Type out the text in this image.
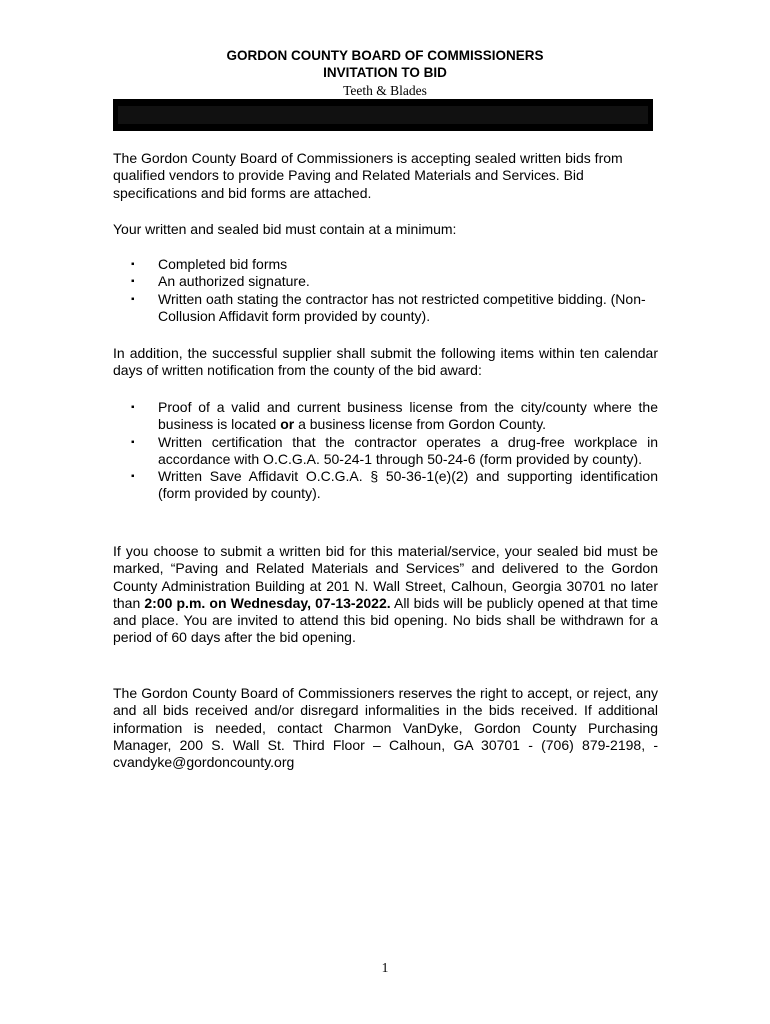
GORDON COUNTY BOARD OF COMMISSIONERS
INVITATION TO BID
Teeth & Blades
The Gordon County Board of Commissioners is accepting sealed written bids from qualified vendors to provide Paving and Related Materials and Services. Bid specifications and bid forms are attached.
Your written and sealed bid must contain at a minimum:
▪	Completed bid forms
▪	An authorized signature.
▪	Written oath stating the contractor has not restricted competitive bidding. (Non-Collusion Affidavit form provided by county).
In addition, the successful supplier shall submit the following items within ten calendar days of written notification from the county of the bid award:
▪	Proof of a valid and current business license from the city/county where the business is located or a business license from Gordon County.
▪	Written certification that the contractor operates a drug-free workplace in accordance with O.C.G.A. 50-24-1 through 50-24-6 (form provided by county).
▪	Written Save Affidavit O.C.G.A. § 50-36-1(e)(2) and supporting identification (form provided by county).
If you choose to submit a written bid for this material/service, your sealed bid must be marked, “Paving and Related Materials and Services” and delivered to the Gordon County Administration Building at 201 N. Wall Street, Calhoun, Georgia 30701 no later than 2:00 p.m. on Wednesday, 07-13-2022. All bids will be publicly opened at that time and place. You are invited to attend this bid opening. No bids shall be withdrawn for a period of 60 days after the bid opening.
The Gordon County Board of Commissioners reserves the right to accept, or reject, any and all bids received and/or disregard informalities in the bids received. If additional information is needed, contact Charmon VanDyke, Gordon County Purchasing Manager, 200 S. Wall St. Third Floor – Calhoun, GA 30701 - (706) 879-2198, - cvandyke@gordoncounty.org
1
